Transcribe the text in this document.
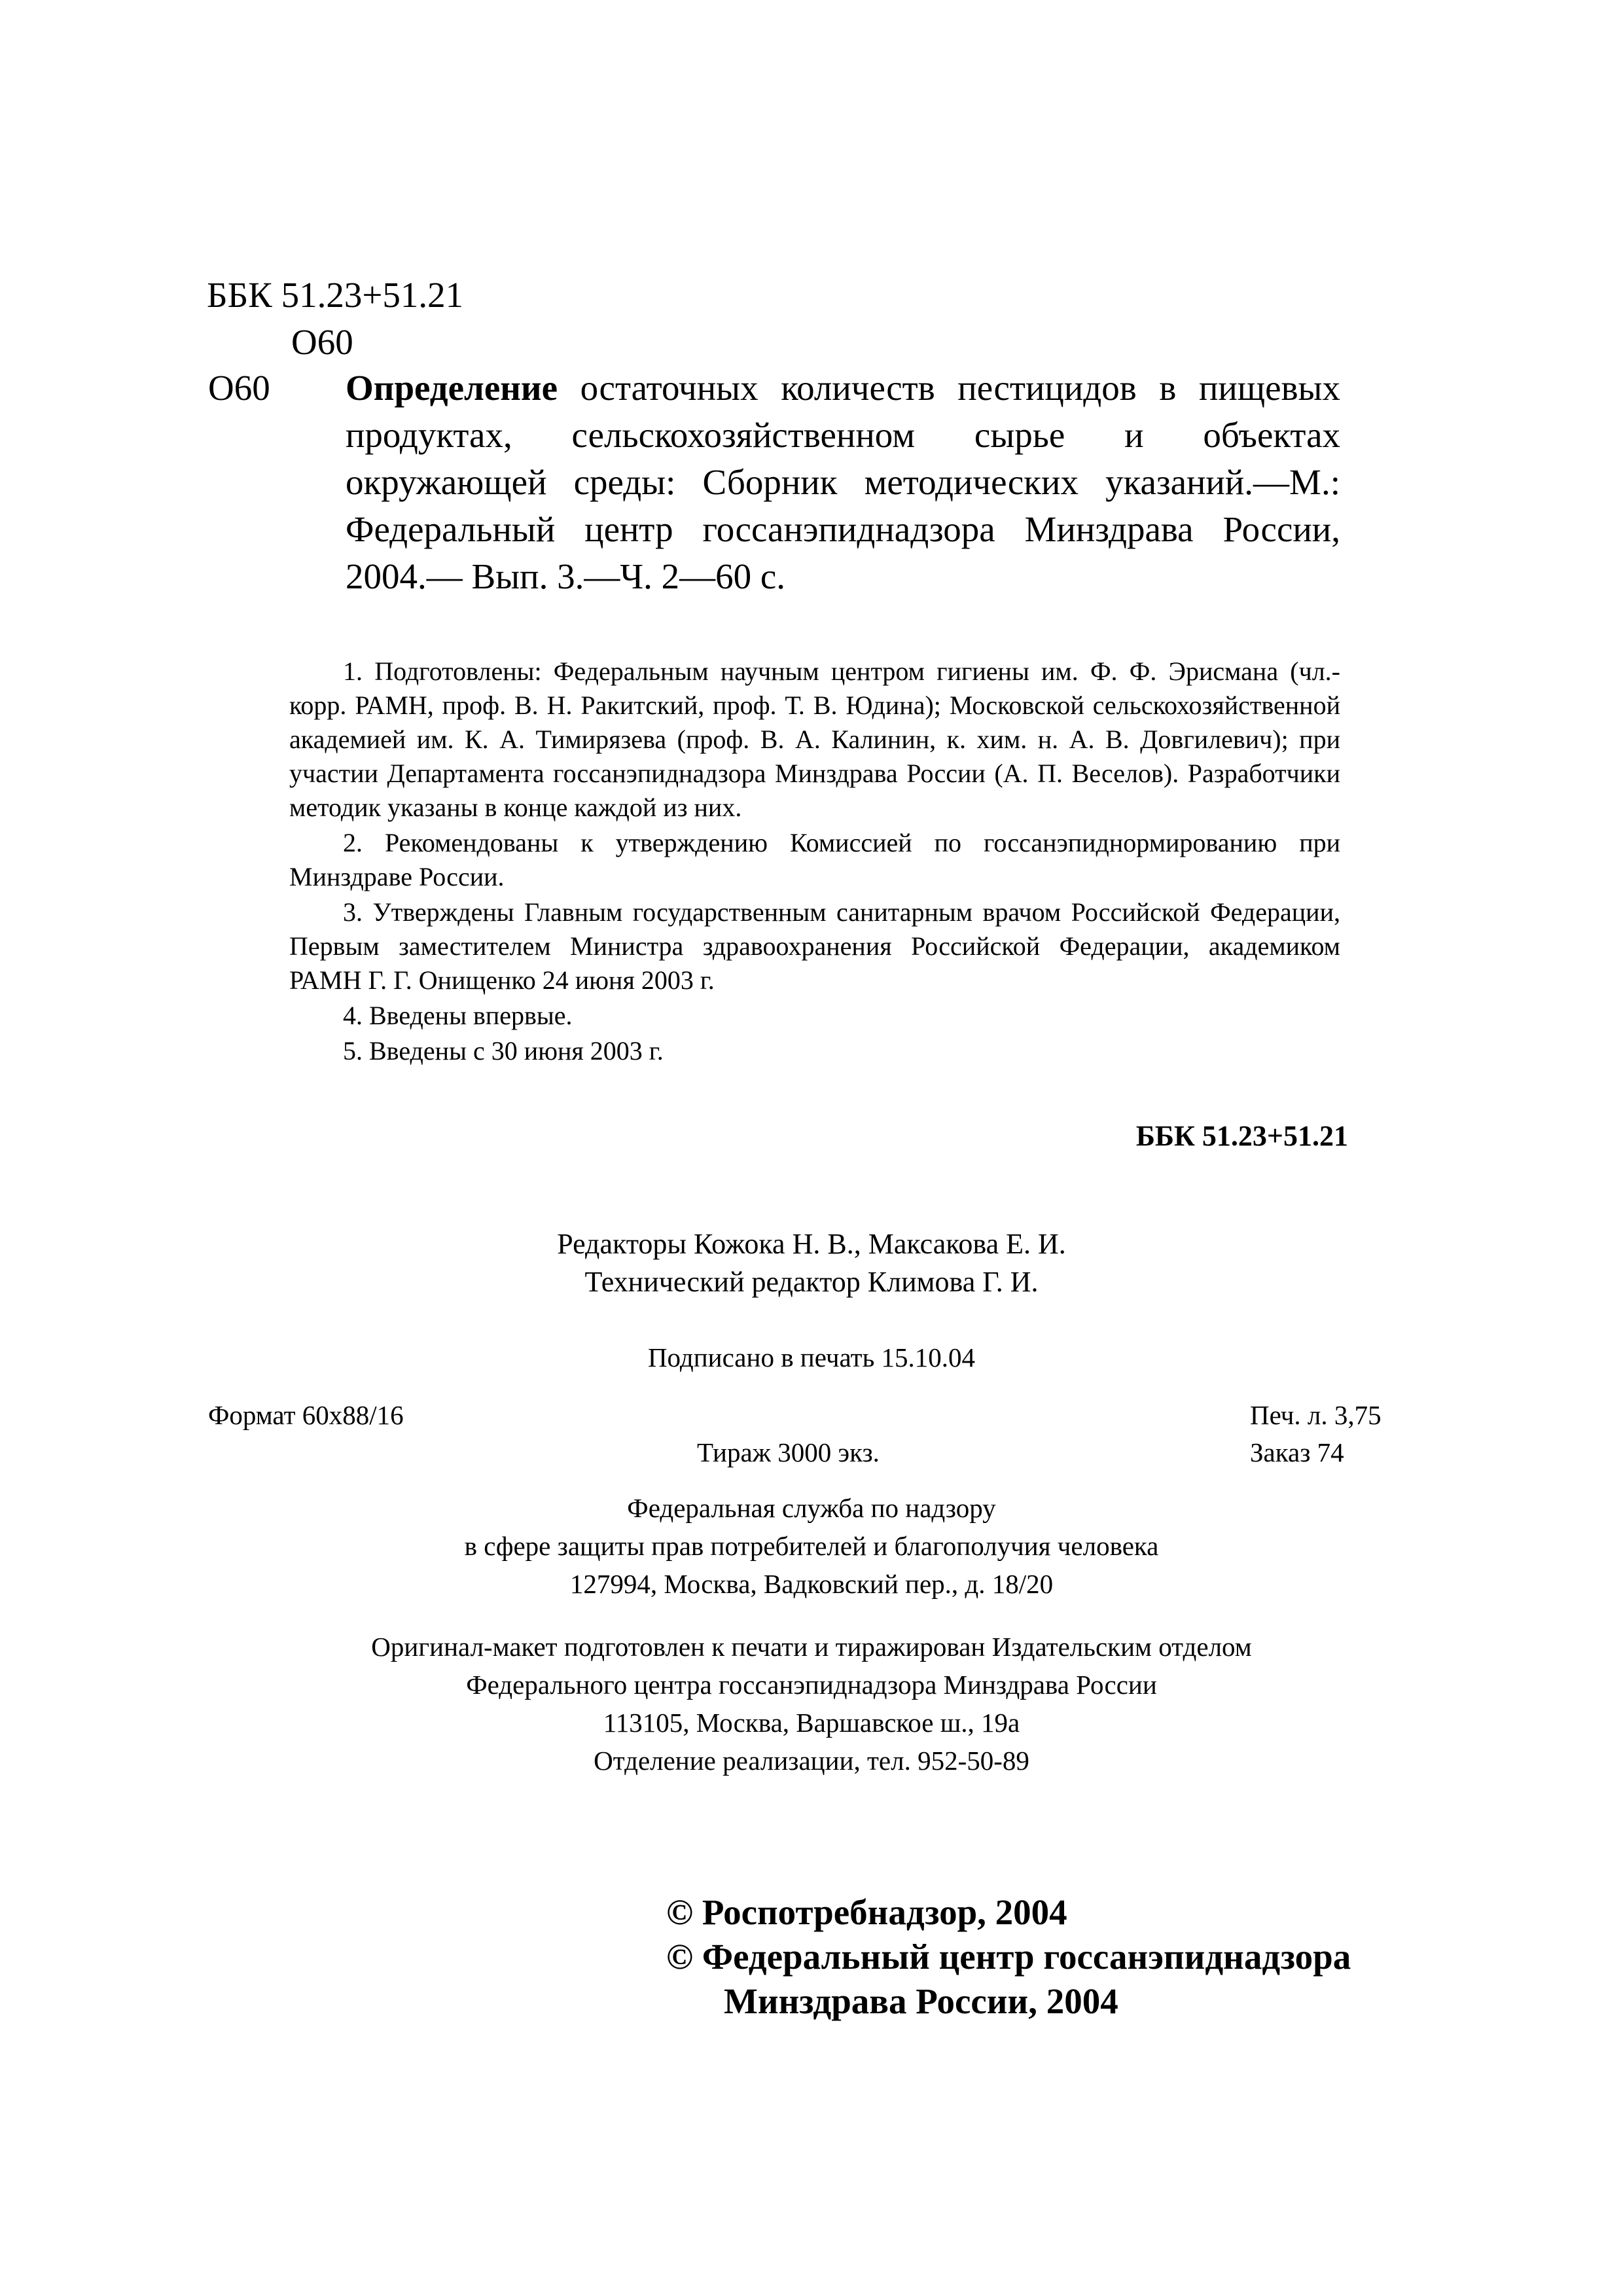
ББК 51.23+51.21
О60
О60 Определение остаточных количеств пестицидов в пищевых продуктах, сельскохозяйственном сырье и объектах окружающей среды: Сборник методических указаний.—М.: Федеральный центр госсанэпиднадзора Минздрава России, 2004.— Вып. 3.—Ч. 2—60 с.

1. Подготовлены: Федеральным научным центром гигиены им. Ф. Ф. Эрисмана (чл.-корр. РАМН, проф. В. Н. Ракитский, проф. Т. В. Юдина); Московской сельскохозяйственной академией им. К. А. Тимирязева (проф. В. А. Калинин, к. хим. н. А. В. Довгилевич); при участии Департамента госсанэпиднадзора Минздрава России (А. П. Веселов). Разработчики методик указаны в конце каждой из них.

2. Рекомендованы к утверждению Комиссией по госсанэпиднормированию при Минздраве России.

3. Утверждены Главным государственным санитарным врачом Российской Федерации, Первым заместителем Министра здравоохранения Российской Федерации, академиком РАМН Г. Г. Онищенко 24 июня 2003 г.

4. Введены впервые.

5. Введены с 30 июня 2003 г.

ББК 51.23+51.21
Редакторы Кожока Н. В., Максакова Е. И.
Технический редактор Климова Г. И.
Подписано в печать 15.10.04
Формат 60х88/16	Печ. л. 3,75
Тираж 3000 экз.	Заказ 74
Федеральная служба по надзору
в сфере защиты прав потребителей и благополучия человека
127994, Москва, Вадковский пер., д. 18/20
Оригинал-макет подготовлен к печати и тиражирован Издательским отделом
Федерального центра госсанэпиднадзора Минздрава России
113105, Москва, Варшавское ш., 19а
Отделение реализации, тел. 952-50-89
© Роспотребнадзор, 2004
© Федеральный центр госсанэпиднадзора
Минздрава России, 2004
